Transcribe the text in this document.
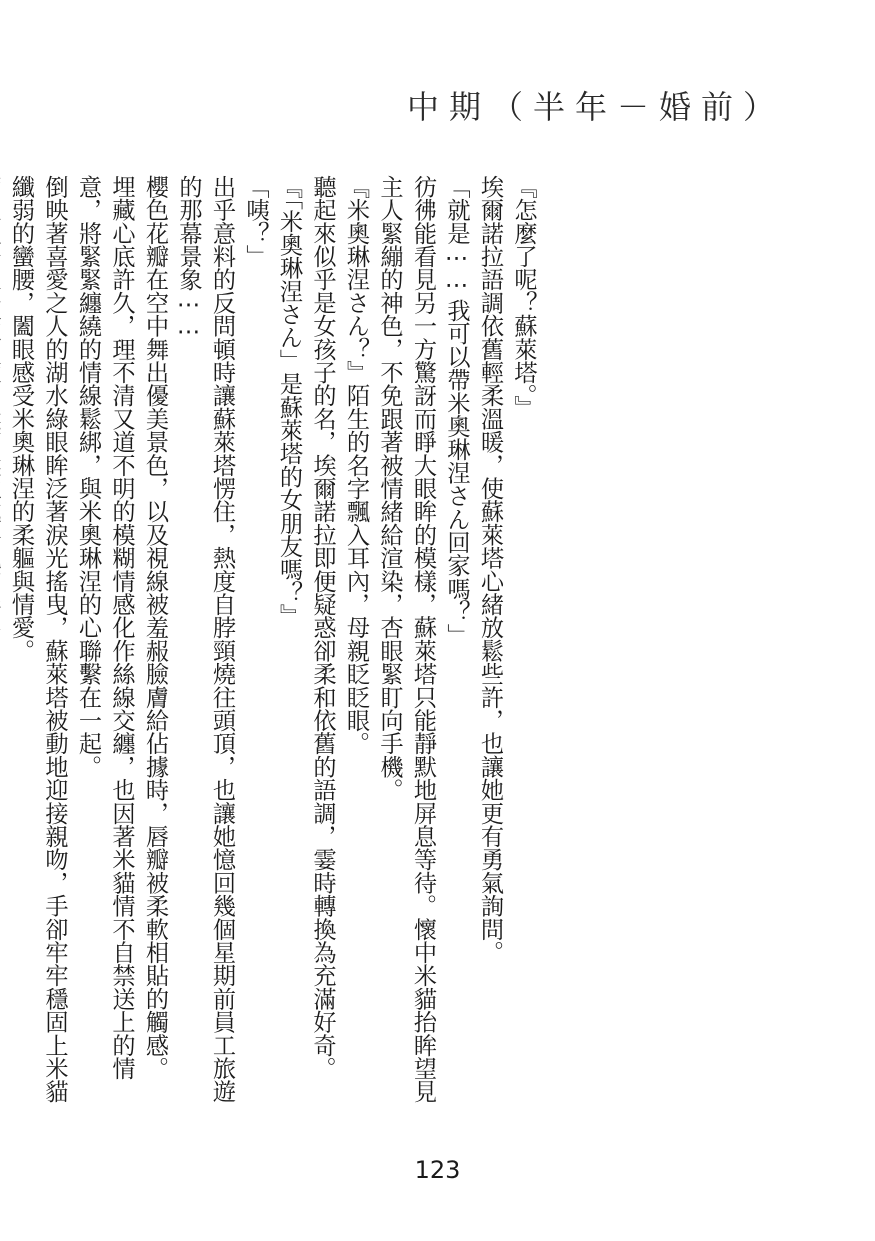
中期（半年－婚前）

『怎麼了呢？蘇萊塔。』

埃爾諾拉語調依舊輕柔溫暖，使蘇萊塔心緒放鬆些許，也讓她更有勇氣詢問。

「就是⋯⋯我可以帶米奧琳涅さん回家嗎？」

彷彿能看見另一方驚訝而睜大眼眸的模樣，蘇萊塔只能靜默地屏息等待。懷中米貓抬眸望見主人緊繃的神色，不免跟著被情緒給渲染，杏眼緊盯向手機。

『米奧琳涅さん？』陌生的名字飄入耳內，母親眨眨眼。

聽起來似乎是女孩子的名，埃爾諾拉即便疑惑卻柔和依舊的語調，霎時轉換為充滿好奇。

『「米奧琳涅さん」是蘇萊塔的女朋友嗎？』

「咦？」

出乎意料的反問頓時讓蘇萊塔愣住，熱度自脖頸燒往頭頂，也讓她憶回幾個星期前員工旅遊的那幕景象⋯⋯

櫻色花瓣在空中舞出優美景色，以及視線被羞赧臉膚給佔據時，唇瓣被柔軟相貼的觸感。

埋藏心底許久，理不清又道不明的模糊情感化作絲線交纏，也因著米貓情不自禁送上的情意，將緊緊纏繞的情線鬆綁，與米奧琳涅的心聯繫在一起。

倒映著喜愛之人的湖水綠眼眸泛著淚光搖曳，蘇萊塔被動地迎接親吻，手卻牢牢穩固上米貓纖弱的蠻腰，闔眼感受米奧琳涅的柔軀與情愛。

123
